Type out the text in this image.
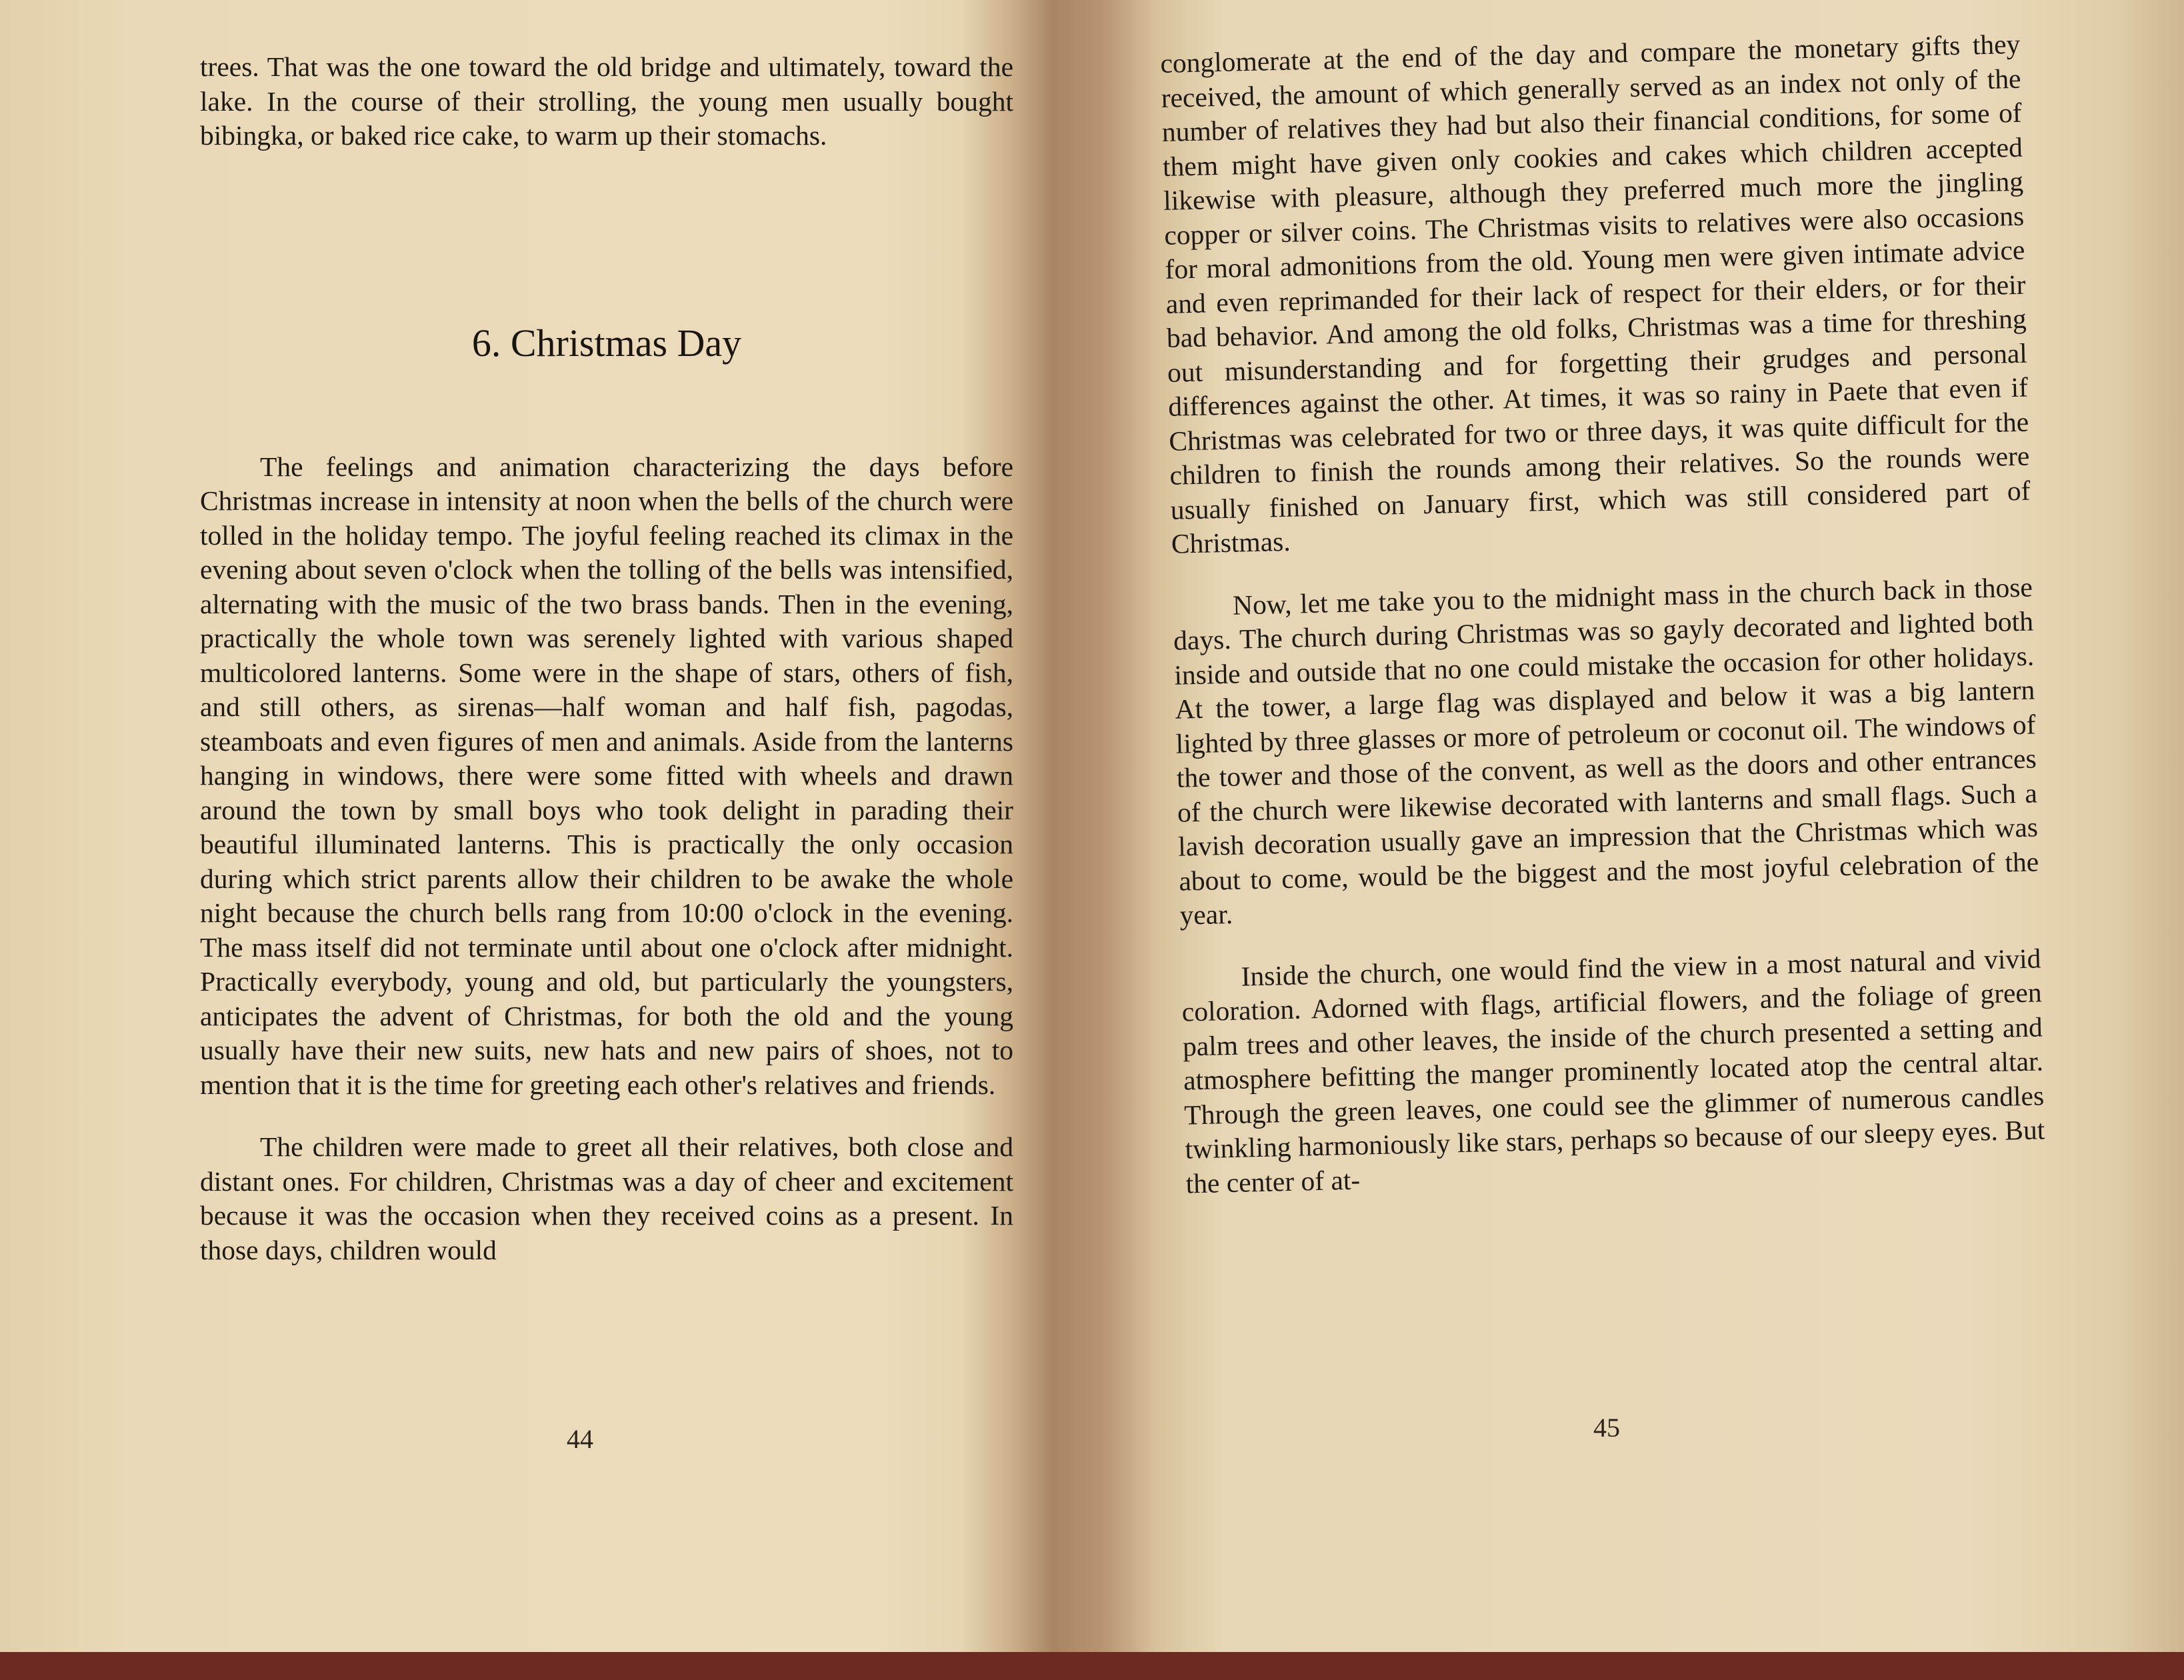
trees. That was the one toward the old bridge and ultimately, toward the lake. In the course of their strolling, the young men usually bought bibingka, or baked rice cake, to warm up their stomachs.

6. Christmas Day

The feelings and animation characterizing the days before Christmas increase in intensity at noon when the bells of the church were tolled in the holiday tempo. The joyful feeling reached its climax in the evening about seven o'clock when the tolling of the bells was intensified, alternating with the music of the two brass bands. Then in the evening, practically the whole town was serenely lighted with various shaped multicolored lanterns. Some were in the shape of stars, others of fish, and still others, as sirenas—half woman and half fish, pagodas, steamboats and even figures of men and animals. Aside from the lanterns hanging in windows, there were some fitted with wheels and drawn around the town by small boys who took delight in parading their beautiful illuminated lanterns. This is practically the only occasion during which strict parents allow their children to be awake the whole night because the church bells rang from 10:00 o'clock in the evening. The mass itself did not terminate until about one o'clock after midnight. Practically everybody, young and old, but particularly the youngsters, anticipates the advent of Christmas, for both the old and the young usually have their new suits, new hats and new pairs of shoes, not to mention that it is the time for greeting each other's relatives and friends.

The children were made to greet all their relatives, both close and distant ones. For children, Christmas was a day of cheer and excitement because it was the occasion when they received coins as a present. In those days, children would

44

conglomerate at the end of the day and compare the monetary gifts they received, the amount of which generally served as an index not only of the number of relatives they had but also their financial conditions, for some of them might have given only cookies and cakes which children accepted likewise with pleasure, although they preferred much more the jingling copper or silver coins. The Christmas visits to relatives were also occasions for moral admonitions from the old. Young men were given intimate advice and even reprimanded for their lack of respect for their elders, or for their bad behavior. And among the old folks, Christmas was a time for threshing out misunderstanding and for forgetting their grudges and personal differences against the other. At times, it was so rainy in Paete that even if Christmas was celebrated for two or three days, it was quite difficult for the children to finish the rounds among their relatives. So the rounds were usually finished on January first, which was still considered part of Christmas.

Now, let me take you to the midnight mass in the church back in those days. The church during Christmas was so gayly decorated and lighted both inside and outside that no one could mistake the occasion for other holidays. At the tower, a large flag was displayed and below it was a big lantern lighted by three glasses or more of petroleum or coconut oil. The windows of the tower and those of the convent, as well as the doors and other entrances of the church were likewise decorated with lanterns and small flags. Such a lavish decoration usually gave an impression that the Christmas which was about to come, would be the biggest and the most joyful celebration of the year.

Inside the church, one would find the view in a most natural and vivid coloration. Adorned with flags, artificial flowers, and the foliage of green palm trees and other leaves, the inside of the church presented a setting and atmosphere befitting the manger prominently located atop the central altar. Through the green leaves, one could see the glimmer of numerous candles twinkling harmoniously like stars, perhaps so because of our sleepy eyes. But the center of at-

45
